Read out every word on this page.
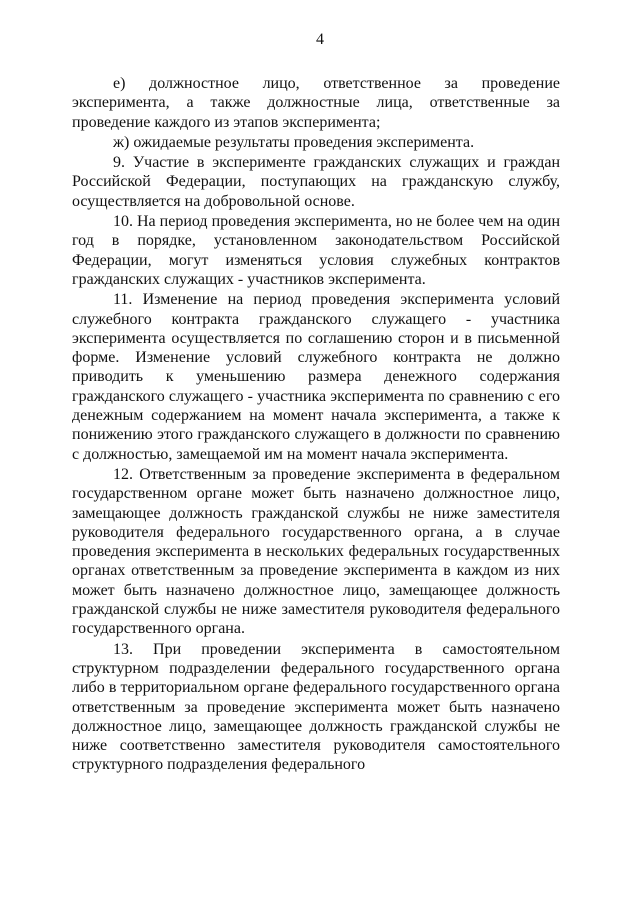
4

е) должностное лицо, ответственное за проведение эксперимента, а также должностные лица, ответственные за проведение каждого из этапов эксперимента;

ж) ожидаемые результаты проведения эксперимента.

9. Участие в эксперименте гражданских служащих и граждан Российской Федерации, поступающих на гражданскую службу, осуществляется на добровольной основе.

10. На период проведения эксперимента, но не более чем на один год в порядке, установленном законодательством Российской Федерации, могут изменяться условия служебных контрактов гражданских служащих - участников эксперимента.

11. Изменение на период проведения эксперимента условий служебного контракта гражданского служащего - участника эксперимента осуществляется по соглашению сторон и в письменной форме. Изменение условий служебного контракта не должно приводить к уменьшению размера денежного содержания гражданского служащего - участника эксперимента по сравнению с его денежным содержанием на момент начала эксперимента, а также к понижению этого гражданского служащего в должности по сравнению с должностью, замещаемой им на момент начала эксперимента.

12. Ответственным за проведение эксперимента в федеральном государственном органе может быть назначено должностное лицо, замещающее должность гражданской службы не ниже заместителя руководителя федерального государственного органа, а в случае проведения эксперимента в нескольких федеральных государственных органах ответственным за проведение эксперимента в каждом из них может быть назначено должностное лицо, замещающее должность гражданской службы не ниже заместителя руководителя федерального государственного органа.

13. При проведении эксперимента в самостоятельном структурном подразделении федерального государственного органа либо в территориальном органе федерального государственного органа ответственным за проведение эксперимента может быть назначено должностное лицо, замещающее должность гражданской службы не ниже соответственно заместителя руководителя самостоятельного структурного подразделения федерального
